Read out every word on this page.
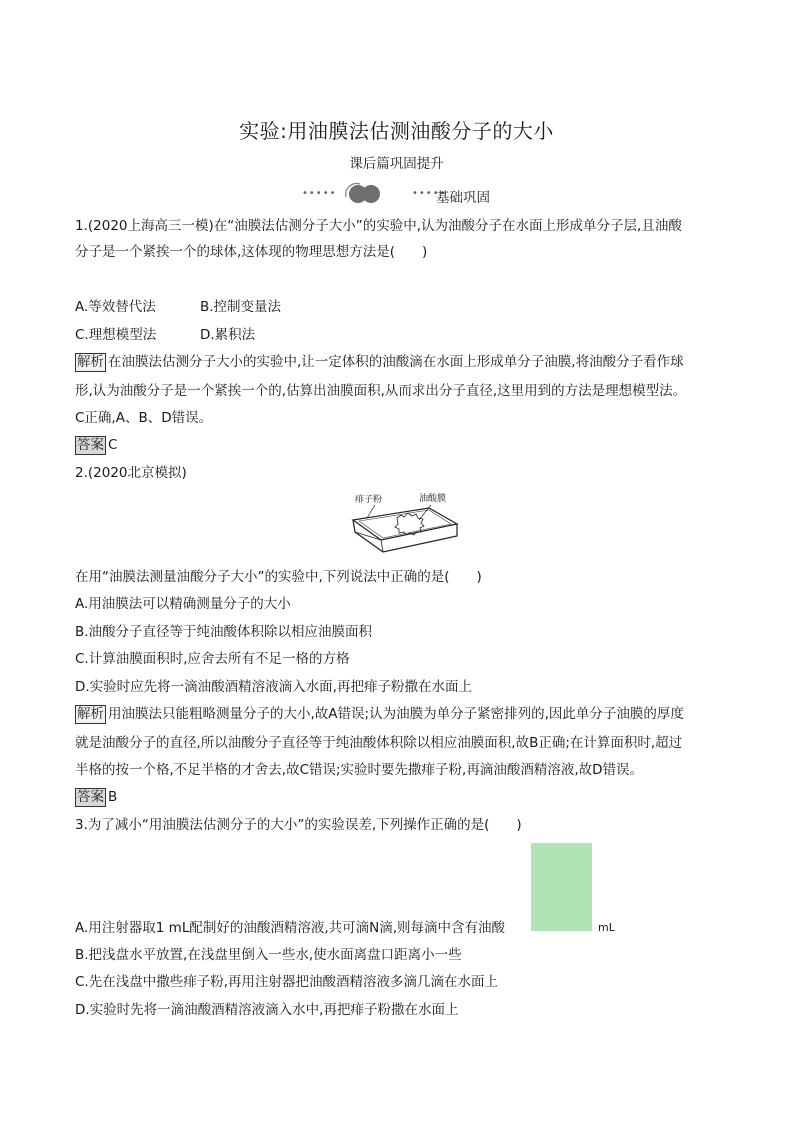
实验:用油膜法估测油酸分子的大小
课后篇巩固提升
•••••	•••••
基础巩固
1.(2020上海高三一模)在“油膜法估测分子大小”的实验中,认为油酸分子在水面上形成单分子层,且油酸
分子是一个紧挨一个的球体,这体现的物理思想方法是(　　)
A.等效替代法	B.控制变量法
C.理想模型法	D.累积法
解析 在油膜法估测分子大小的实验中,让一定体积的油酸滴在水面上形成单分子油膜,将油酸分子看作球
形,认为油酸分子是一个紧挨一个的,估算出油膜面积,从而求出分子直径,这里用到的方法是理想模型法。
C正确,A、B、D错误。
答案 C
2.(2020北京模拟)
痱子粉	油酸膜
在用“油膜法测量油酸分子大小”的实验中,下列说法中正确的是(　　)
A.用油膜法可以精确测量分子的大小
B.油酸分子直径等于纯油酸体积除以相应油膜面积
C.计算油膜面积时,应舍去所有不足一格的方格
D.实验时应先将一滴油酸酒精溶液滴入水面,再把痱子粉撒在水面上
解析 用油膜法只能粗略测量分子的大小,故A错误;认为油膜为单分子紧密排列的,因此单分子油膜的厚度
就是油酸分子的直径,所以油酸分子直径等于纯油酸体积除以相应油膜面积,故B正确;在计算面积时,超过
半格的按一个格,不足半格的才舍去,故C错误;实验时要先撒痱子粉,再滴油酸酒精溶液,故D错误。
答案 B
3.为了减小“用油膜法估测分子的大小”的实验误差,下列操作正确的是(　　)
A.用注射器取1 mL配制好的油酸酒精溶液,共可滴N滴,则每滴中含有油酸	mL
B.把浅盘水平放置,在浅盘里倒入一些水,使水面离盘口距离小一些
C.先在浅盘中撒些痱子粉,再用注射器把油酸酒精溶液多滴几滴在水面上
D.实验时先将一滴油酸酒精溶液滴入水中,再把痱子粉撒在水面上
